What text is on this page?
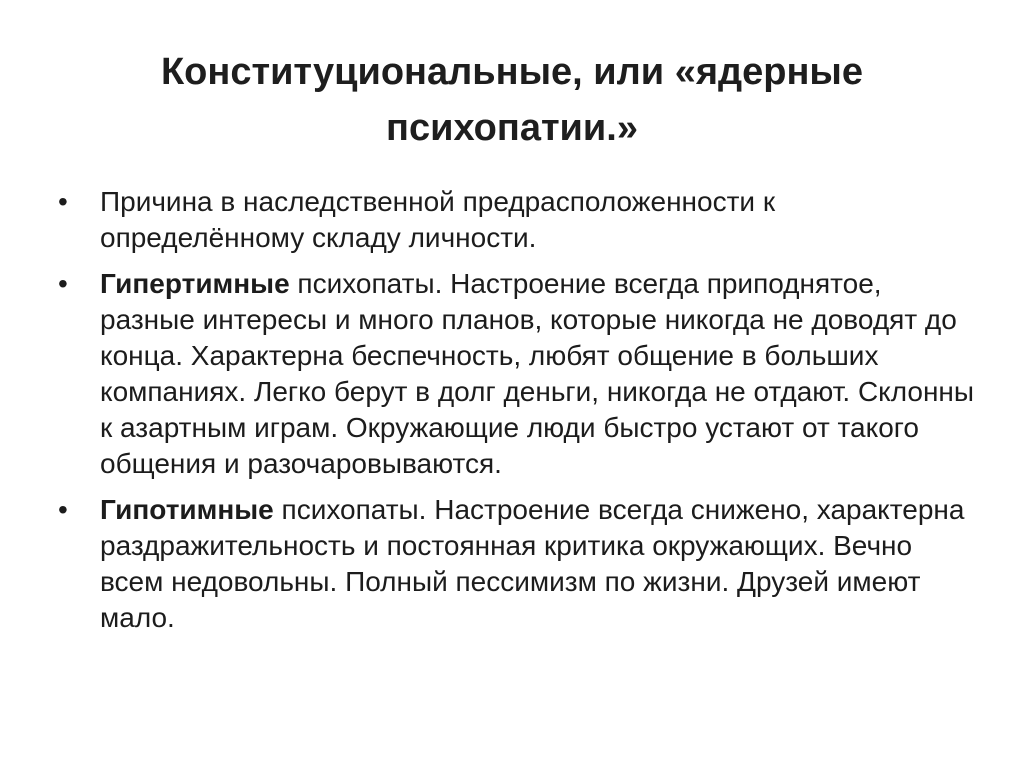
Конституциональные, или «ядерные
психопатии.»
•	Причина в наследственной предрасположенности к определённому складу личности.
•	Гипертимные психопаты. Настроение всегда приподнятое, разные интересы и много планов, которые никогда не доводят до конца. Характерна беспечность, любят общение в больших компаниях. Легко берут в долг деньги, никогда не отдают. Склонны к азартным играм. Окружающие люди быстро устают от такого общения и разочаровываются.
•	Гипотимные психопаты. Настроение всегда снижено, характерна раздражительность и постоянная критика окружающих. Вечно всем недовольны. Полный пессимизм по жизни. Друзей имеют мало.
